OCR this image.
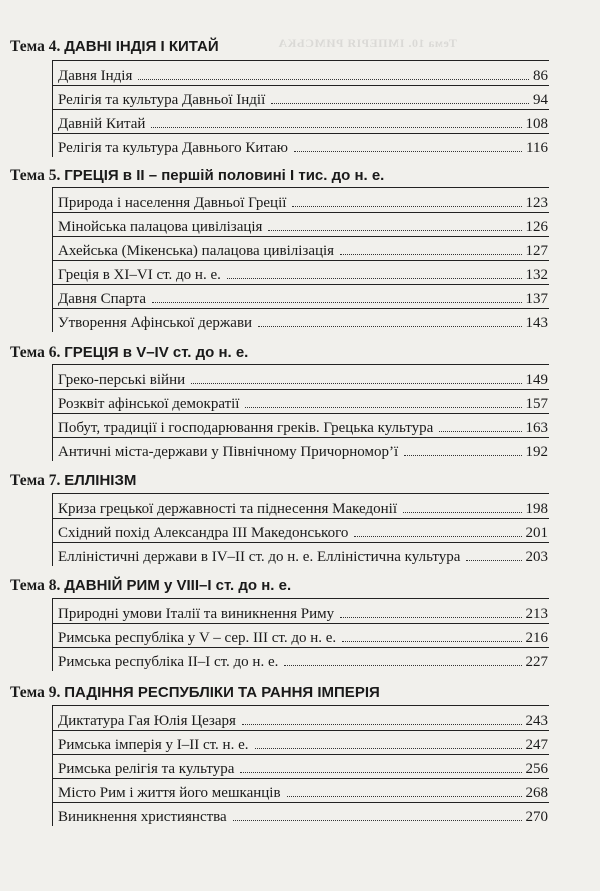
Тема 10. ІМПЕРІЯ РИМСЬКА
Тема 4. ДАВНІ ІНДІЯ І КИТАЙ
Давня Індія	86
Релігія та культура Давньої Індії	94
Давній Китай	108
Релігія та культура Давнього Китаю	116
Тема 5. ГРЕЦІЯ в ІІ – першій половині І тис. до н. е.
Природа і населення Давньої Греції	123
Мінойська палацова цивілізація	126
Ахейська (Мікенська) палацова цивілізація	127
Греція в ХІ–VІ ст. до н. е.	132
Давня Спарта	137
Утворення Афінської держави	143
Тема 6. ГРЕЦІЯ в V–IV ст. до н. е.
Греко-перські війни	149
Розквіт афінської демократії	157
Побут, традиції і господарювання греків. Грецька культура	163
Античні міста-держави у Північному Причорномор’ї	192
Тема 7. ЕЛЛІНІЗМ
Криза грецької державності та піднесення Македонії	198
Східний похід Александра ІІІ Македонського	201
Елліністичні держави в IV–II ст. до н. е. Елліністична культура	203
Тема 8. ДАВНІЙ РИМ у VIII–I ст. до н. е.
Природні умови Італії та виникнення Риму	213
Римська республіка у V – сер. ІІІ ст. до н. е.	216
Римська республіка ІІ–І ст. до н. е.	227
Тема 9. ПАДІННЯ РЕСПУБЛІКИ ТА РАННЯ ІМПЕРІЯ
Диктатура Гая Юлія Цезаря	243
Римська імперія у І–ІІ ст. н. е.	247
Римська релігія та культура	256
Місто Рим і життя його мешканців	268
Виникнення християнства	270
